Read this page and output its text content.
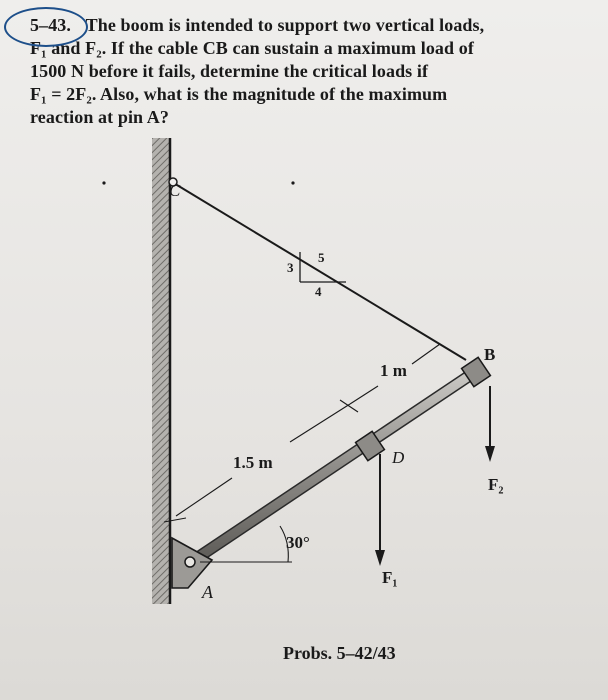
5–43. The boom is intended to support two vertical loads,
F₁ and F₂. If the cable CB can sustain a maximum load of
1500 N before it fails, determine the critical loads if
F₁ = 2F₂. Also, what is the magnitude of the maximum
reaction at pin A?
3
4
5
A
D
B
F₁
F₂
1.5 m
1 m
30°
C
Probs. 5–42/43
